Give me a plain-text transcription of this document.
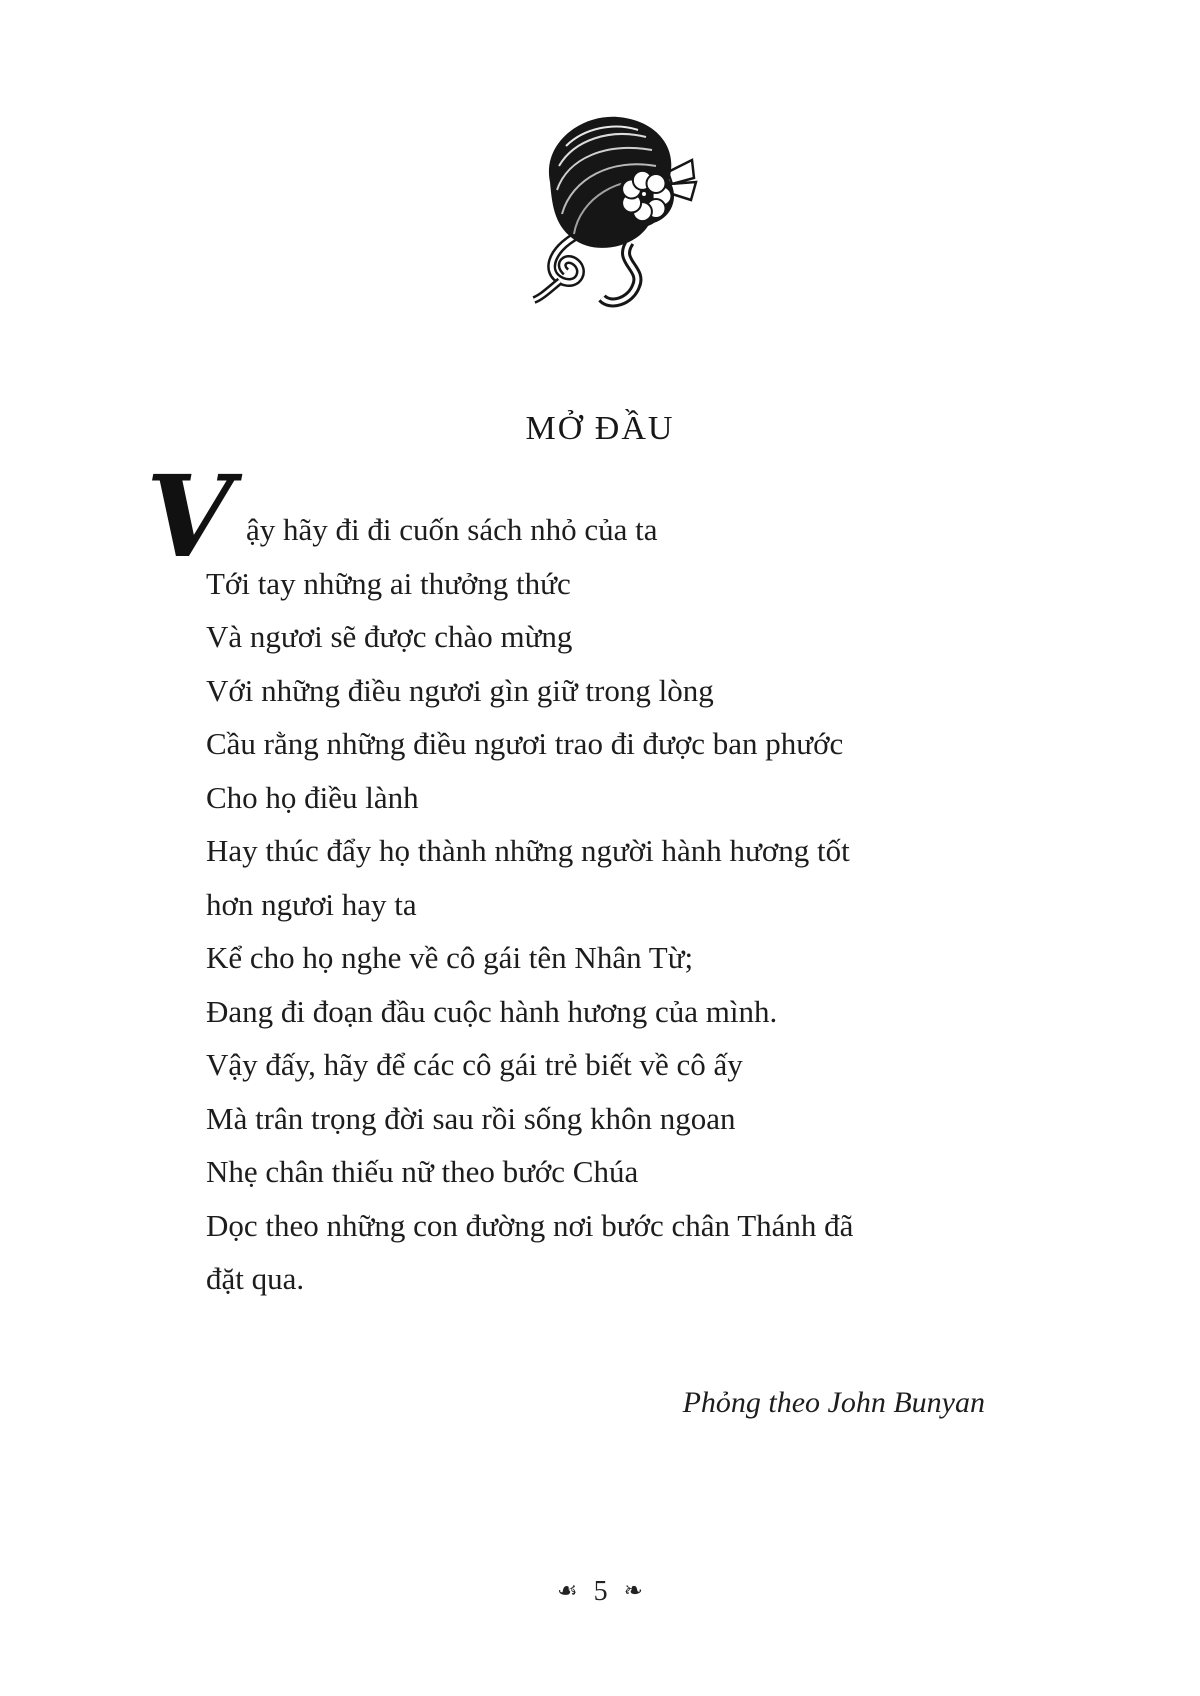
MỞ ĐẦU
V ậy hãy đi đi cuốn sách nhỏ của ta
Tới tay những ai thưởng thức
Và ngươi sẽ được chào mừng
Với những điều ngươi gìn giữ trong lòng
Cầu rằng những điều ngươi trao đi được ban phước
Cho họ điều lành
Hay thúc đẩy họ thành những người hành hương tốt
hơn ngươi hay ta
Kể cho họ nghe về cô gái tên Nhân Từ;
Đang đi đoạn đầu cuộc hành hương của mình.
Vậy đấy, hãy để các cô gái trẻ biết về cô ấy
Mà trân trọng đời sau rồi sống khôn ngoan
Nhẹ chân thiếu nữ theo bước Chúa
Dọc theo những con đường nơi bước chân Thánh đã
đặt qua.
Phỏng theo John Bunyan
☙ 5 ❧
